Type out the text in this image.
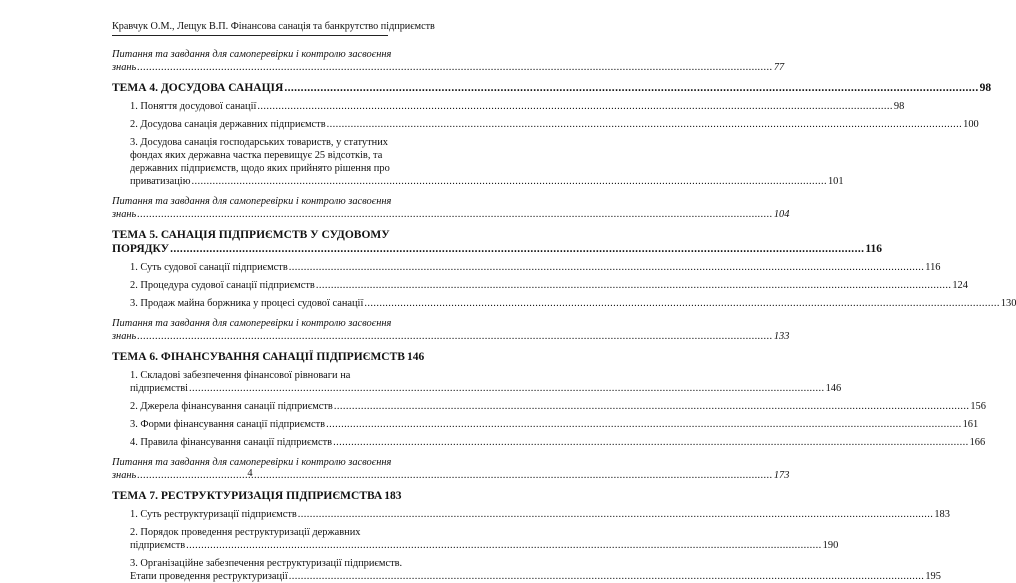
Кравчук О.М., Лещук В.П. Фінансова санація та банкрутство підприємств
Питання та завдання для самоперевірки і контролю засвоєння
знань .....	77
ТЕМА 4. ДОСУДОВА САНАЦІЯ .....	98
1. Поняття досудової санації .....	98
2. Досудова санація державних підприємств .....	100
3. Досудова санація господарських товариств, у статутних
фондах яких державна частка перевищує 25 відсотків, та
державних підприємств, щодо яких прийнято рішення про
приватизацію .....	101
Питання та завдання для самоперевірки і контролю засвоєння
знань .....	104
ТЕМА 5. САНАЦІЯ ПІДПРИЄМСТВ У СУДОВОМУ
ПОРЯДКУ .....	116
1. Суть судової санації підприємств .....	116
2. Процедура судової санації підприємств .....	124
3. Продаж майна боржника у процесі судової санації .....	130
Питання та завдання для самоперевірки і контролю засвоєння
знань .....	133
ТЕМА 6. ФІНАНСУВАННЯ САНАЦІЇ ПІДПРИЄМСТВ 146
1. Складові забезпечення фінансової рівноваги на
підприємстві .....	146
2. Джерела фінансування санації підприємств .....	156
3. Форми фінансування санації підприємств .....	161
4. Правила фінансування санації підприємств .....	166
Питання та завдання для самоперевірки і контролю засвоєння
знань .....	173
ТЕМА 7. РЕСТРУКТУРИЗАЦІЯ ПІДПРИЄМСТВА 183
1. Суть реструктуризації підприємств .....	183
2. Порядок проведення реструктуризації державних
підприємств .....	190
3. Організаційне забезпечення реструктуризації підприємств.
Етапи проведення реструктуризації .....	195
4
